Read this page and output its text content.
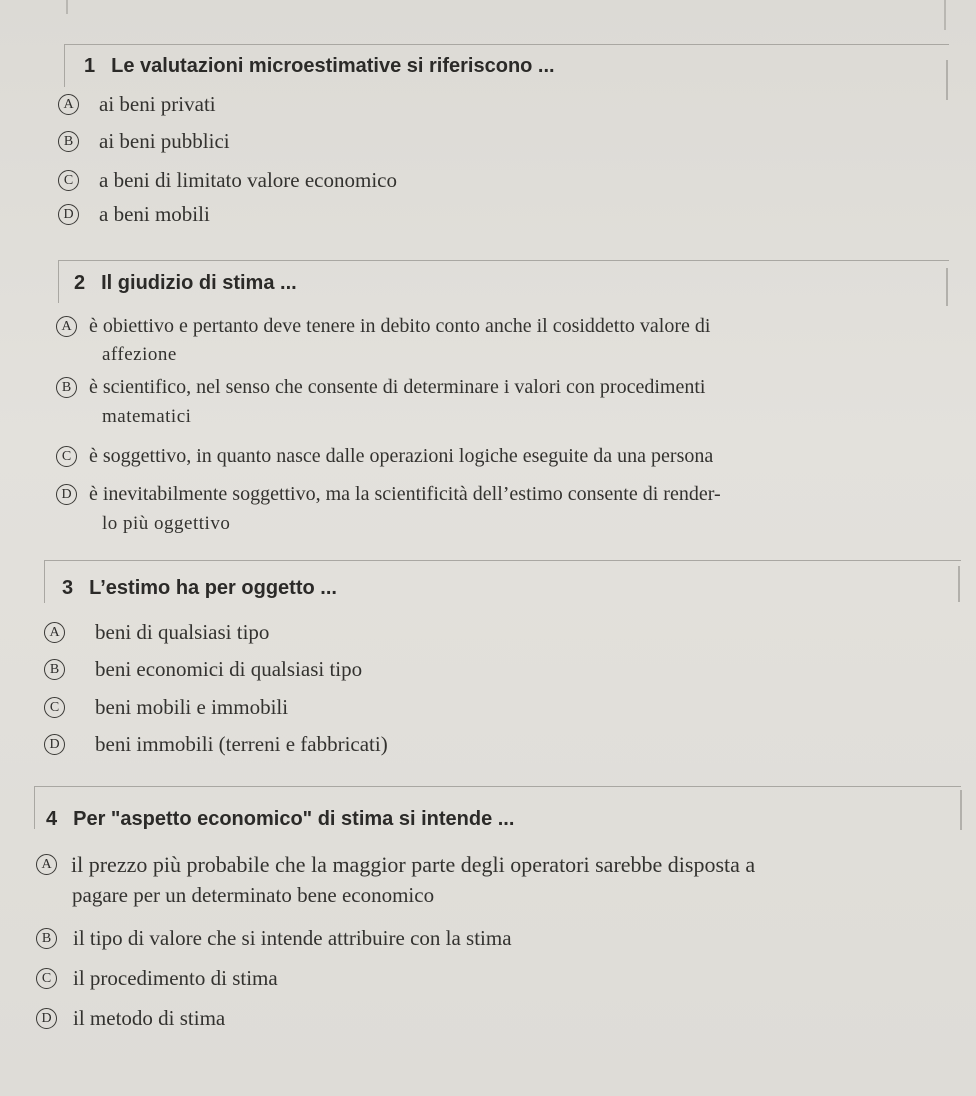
1 Le valutazioni microestimative si riferiscono ...
A ai beni privati
B ai beni pubblici
C a beni di limitato valore economico
D a beni mobili
2 Il giudizio di stima ...
A è obiettivo e pertanto deve tenere in debito conto anche il cosiddetto valore di
affezione
B è scientifico, nel senso che consente di determinare i valori con procedimenti
matematici
C è soggettivo, in quanto nasce dalle operazioni logiche eseguite da una persona
D è inevitabilmente soggettivo, ma la scientificità dell’estimo consente di render-
lo più oggettivo
3 L’estimo ha per oggetto ...
A beni di qualsiasi tipo
B beni economici di qualsiasi tipo
C beni mobili e immobili
D beni immobili (terreni e fabbricati)
4 Per "aspetto economico" di stima si intende ...
A il prezzo più probabile che la maggior parte degli operatori sarebbe disposta a
pagare per un determinato bene economico
B il tipo di valore che si intende attribuire con la stima
C il procedimento di stima
D il metodo di stima
